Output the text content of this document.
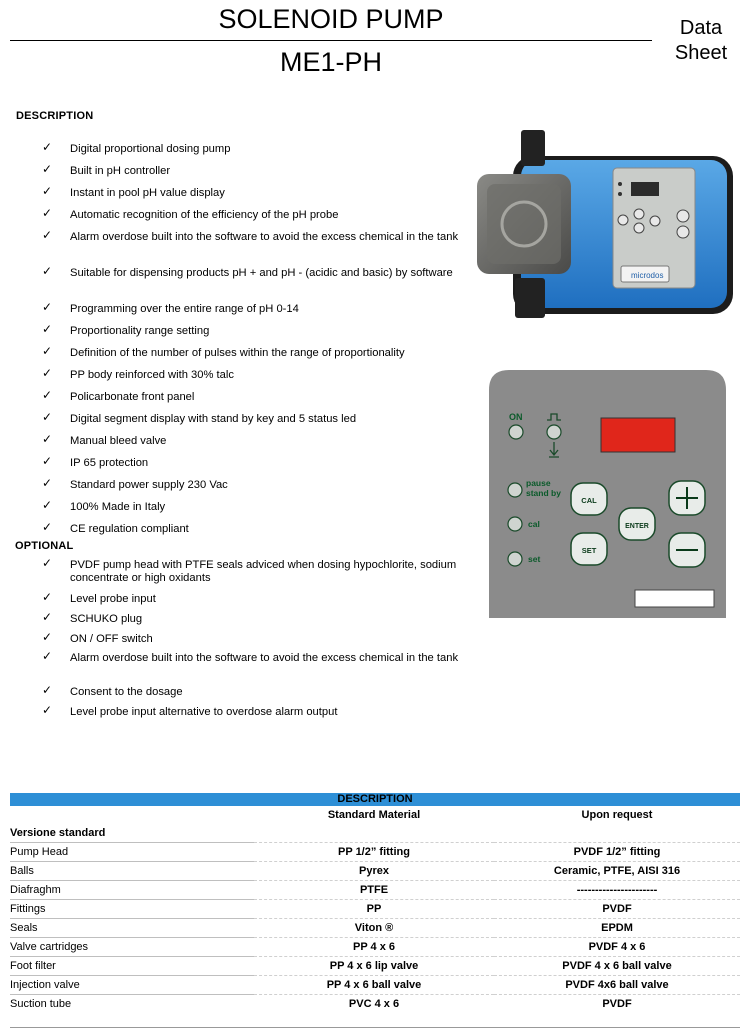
SOLENOID PUMP
ME1-PH
Data Sheet
DESCRIPTION
✓ Digital proportional dosing pump
✓ Built in pH controller
✓ Instant in pool pH value display
✓ Automatic recognition of the efficiency of the pH probe
✓ Alarm overdose built into the software to avoid the excess chemical in the tank
✓ Suitable for dispensing products pH + and pH - (acidic and basic) by software
✓ Programming over the entire range of pH 0-14
✓ Proportionality range setting
✓ Definition of the number of pulses within the range of proportionality
✓ PP body reinforced with 30% talc
✓ Policarbonate front panel
✓ Digital segment display with stand by key and 5 status led
✓ Manual bleed valve
✓ IP 65 protection
✓ Standard power supply 230 Vac
✓ 100% Made in Italy
✓ CE regulation compliant
OPTIONAL
✓ PVDF pump head with PTFE seals adviced when dosing hypochlorite, sodium concentrate or high oxidants
✓ Level probe input
✓ SCHUKO plug
✓ ON / OFF switch
✓ Alarm overdose built into the software to avoid the excess chemical in the tank
✓ Consent to the dosage
✓ Level probe input alternative to overdose alarm output
microdos
ON
pause
stand by
cal
set
CAL
SET
ENTER
DESCRIPTION		
	Standard Material	Upon request
Versione standard		
Pump Head	PP 1/2” fitting	PVDF 1/2” fitting
Balls	Pyrex	Ceramic, PTFE, AISI 316
Diafraghm	PTFE	----------------------
Fittings	PP	PVDF
Seals	Viton ®	EPDM
Valve cartridges	PP 4 x 6	PVDF 4 x 6
Foot filter	PP 4 x 6 lip valve	PVDF 4 x 6 ball valve
Injection valve	PP 4 x 6 ball valve	PVDF 4x6 ball valve
Suction tube	PVC 4 x 6	PVDF
